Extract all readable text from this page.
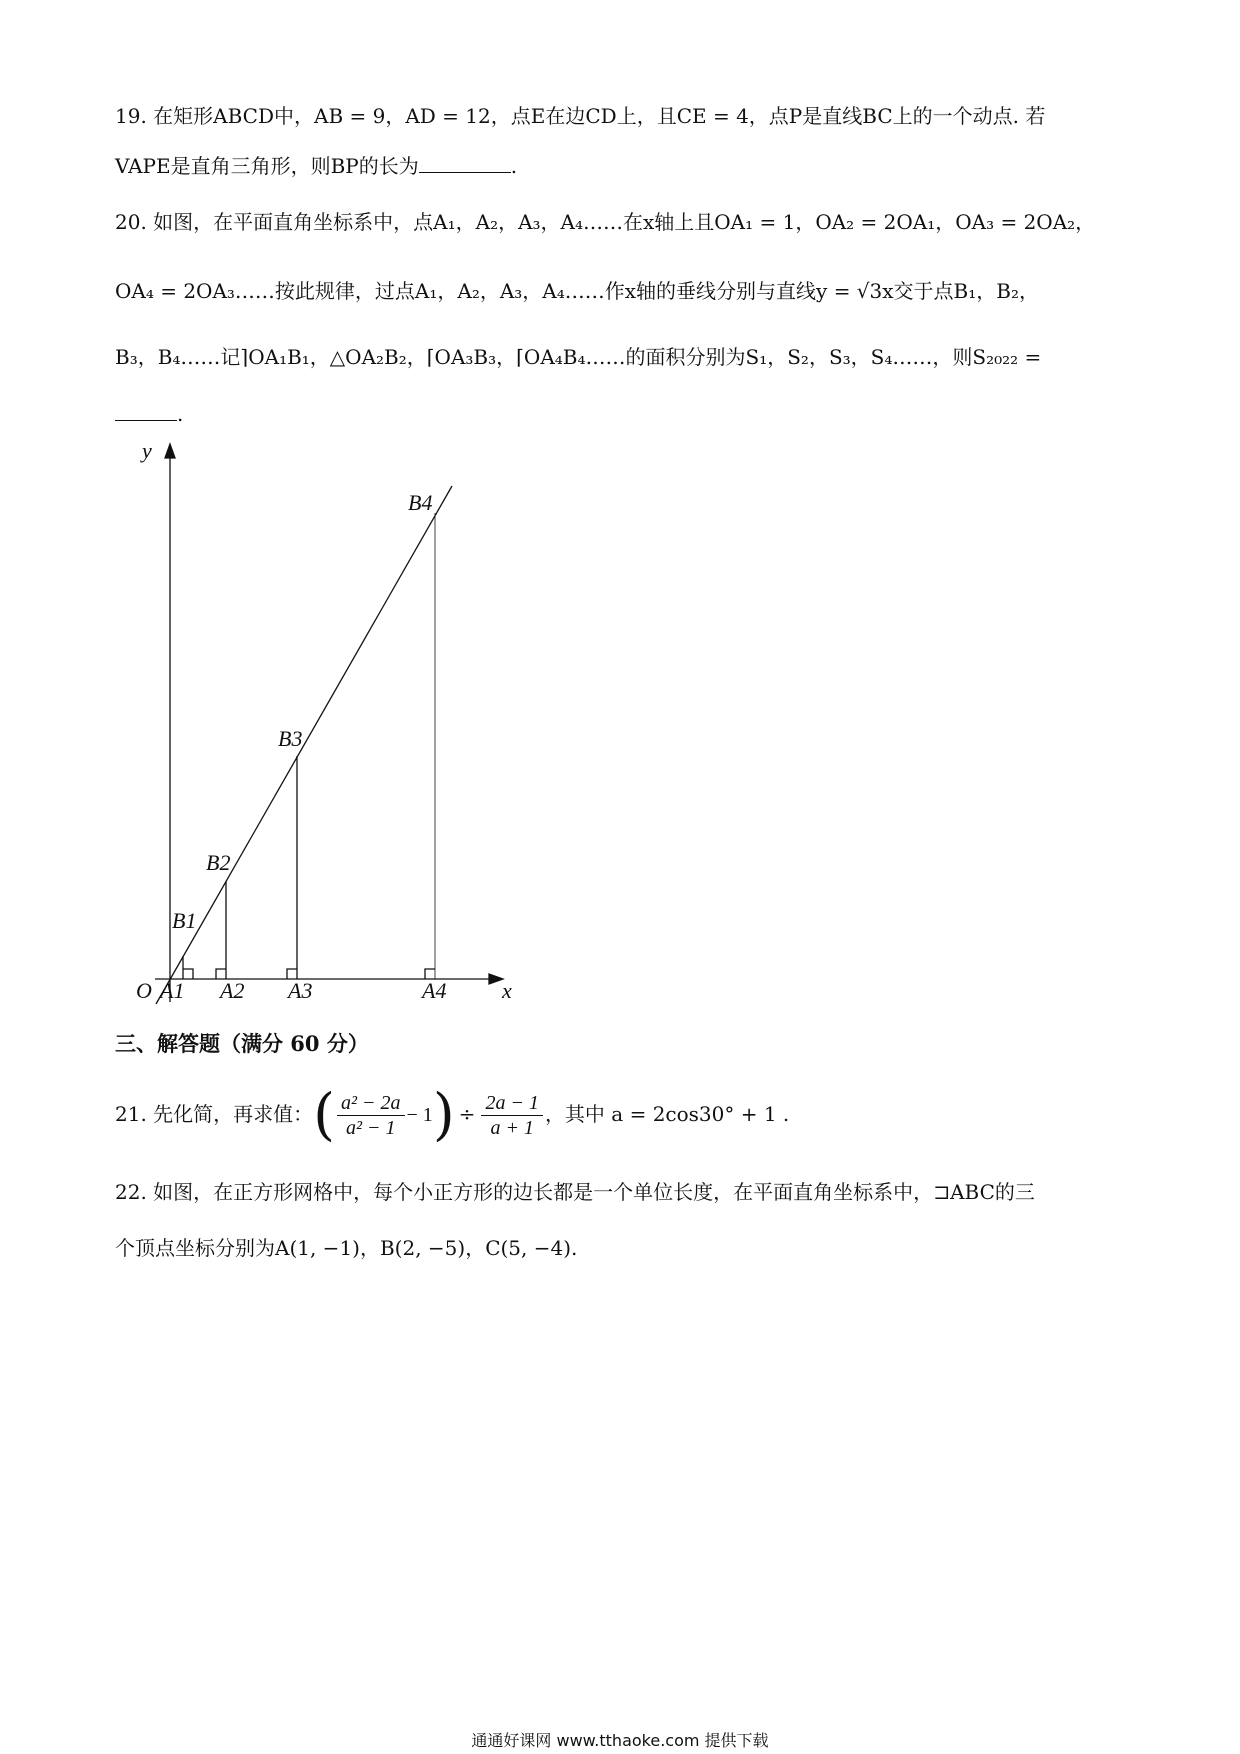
19. 在矩形ABCD中，AB = 9，AD = 12，点E在边CD上，且CE = 4，点P是直线BC上的一个动点. 若
VAPE是直角三角形，则BP的长为	.
20. 如图，在平面直角坐标系中，点A₁，A₂，A₃，A₄……在x轴上且OA₁ = 1，OA₂ = 2OA₁，OA₃ = 2OA₂，
OA₄ = 2OA₃……按此规律，过点A₁，A₂，A₃，A₄……作x轴的垂线分别与直线y = √3x交于点B₁，B₂，
B₃，B₄……记⌉OA₁B₁，△OA₂B₂，⌈OA₃B₃，⌈OA₄B₄……的面积分别为S₁，S₂，S₃，S₄……，则S₂₀₂₂ =
.
y
x
O A1 A2 A3	A4
B1
B2
B3
B4
三、解答题（满分 60 分）
21. 先化简，再求值：( $\frac{\text{a² − 2a}}{\text{a² − 1}} - 1) \div \frac{2a - 1}{a + 1}$ ，其中 a = 2cos30° + 1 .
22. 如图，在正方形网格中，每个小正方形的边长都是一个单位长度，在平面直角坐标系中，⊐ABC的三
个顶点坐标分别为A(1, −1)，B(2, −5)，C(5, −4).
通通好课网 www.tthaoke.com 提供下载
